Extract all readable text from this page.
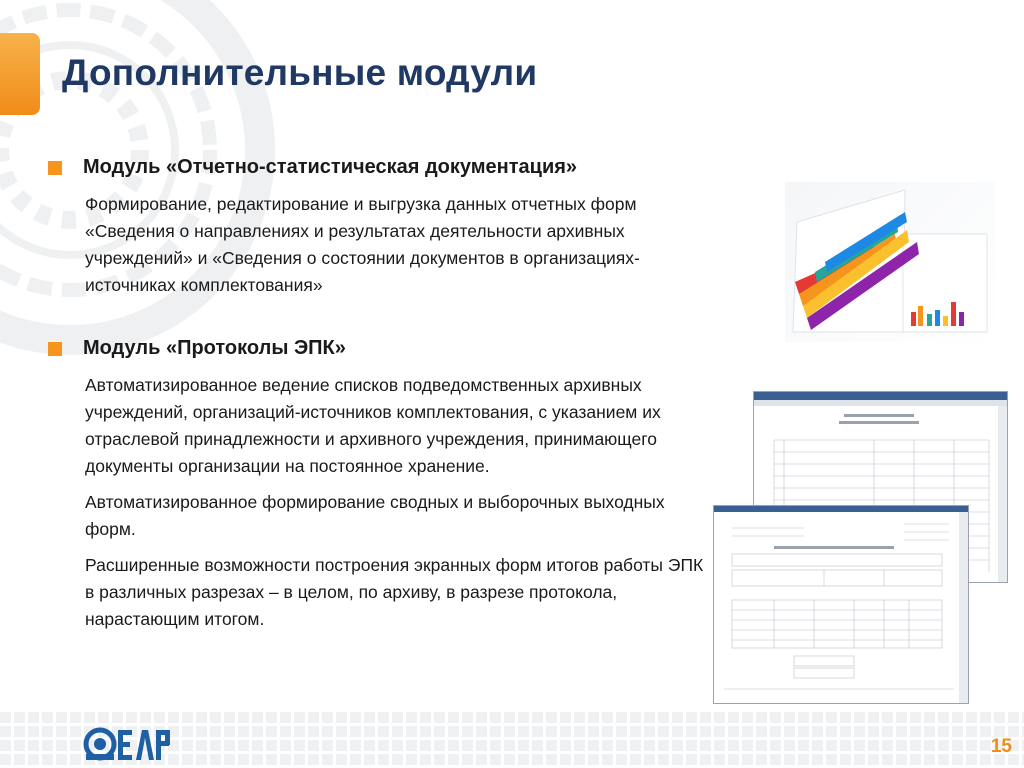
Дополнительные модули
Модуль «Отчетно-статистическая документация»

Формирование, редактирование и выгрузка данных отчетных форм «Сведения о направлениях и результатах деятельности архивных учреждений» и «Сведения о состоянии документов в организациях-источниках комплектования»

Модуль «Протоколы ЭПК»

Автоматизированное ведение списков подведомственных архивных учреждений, организаций-источников комплектования, с указанием их отраслевой принадлежности и архивного учреждения, принимающего документы организации на постоянное хранение.

Автоматизированное формирование сводных и выборочных выходных форм.

Расширенные возможности построения экранных форм итогов работы ЭПК в различных разрезах – в целом, по архиву, в разрезе протокола, нарастающим итогом.

15
